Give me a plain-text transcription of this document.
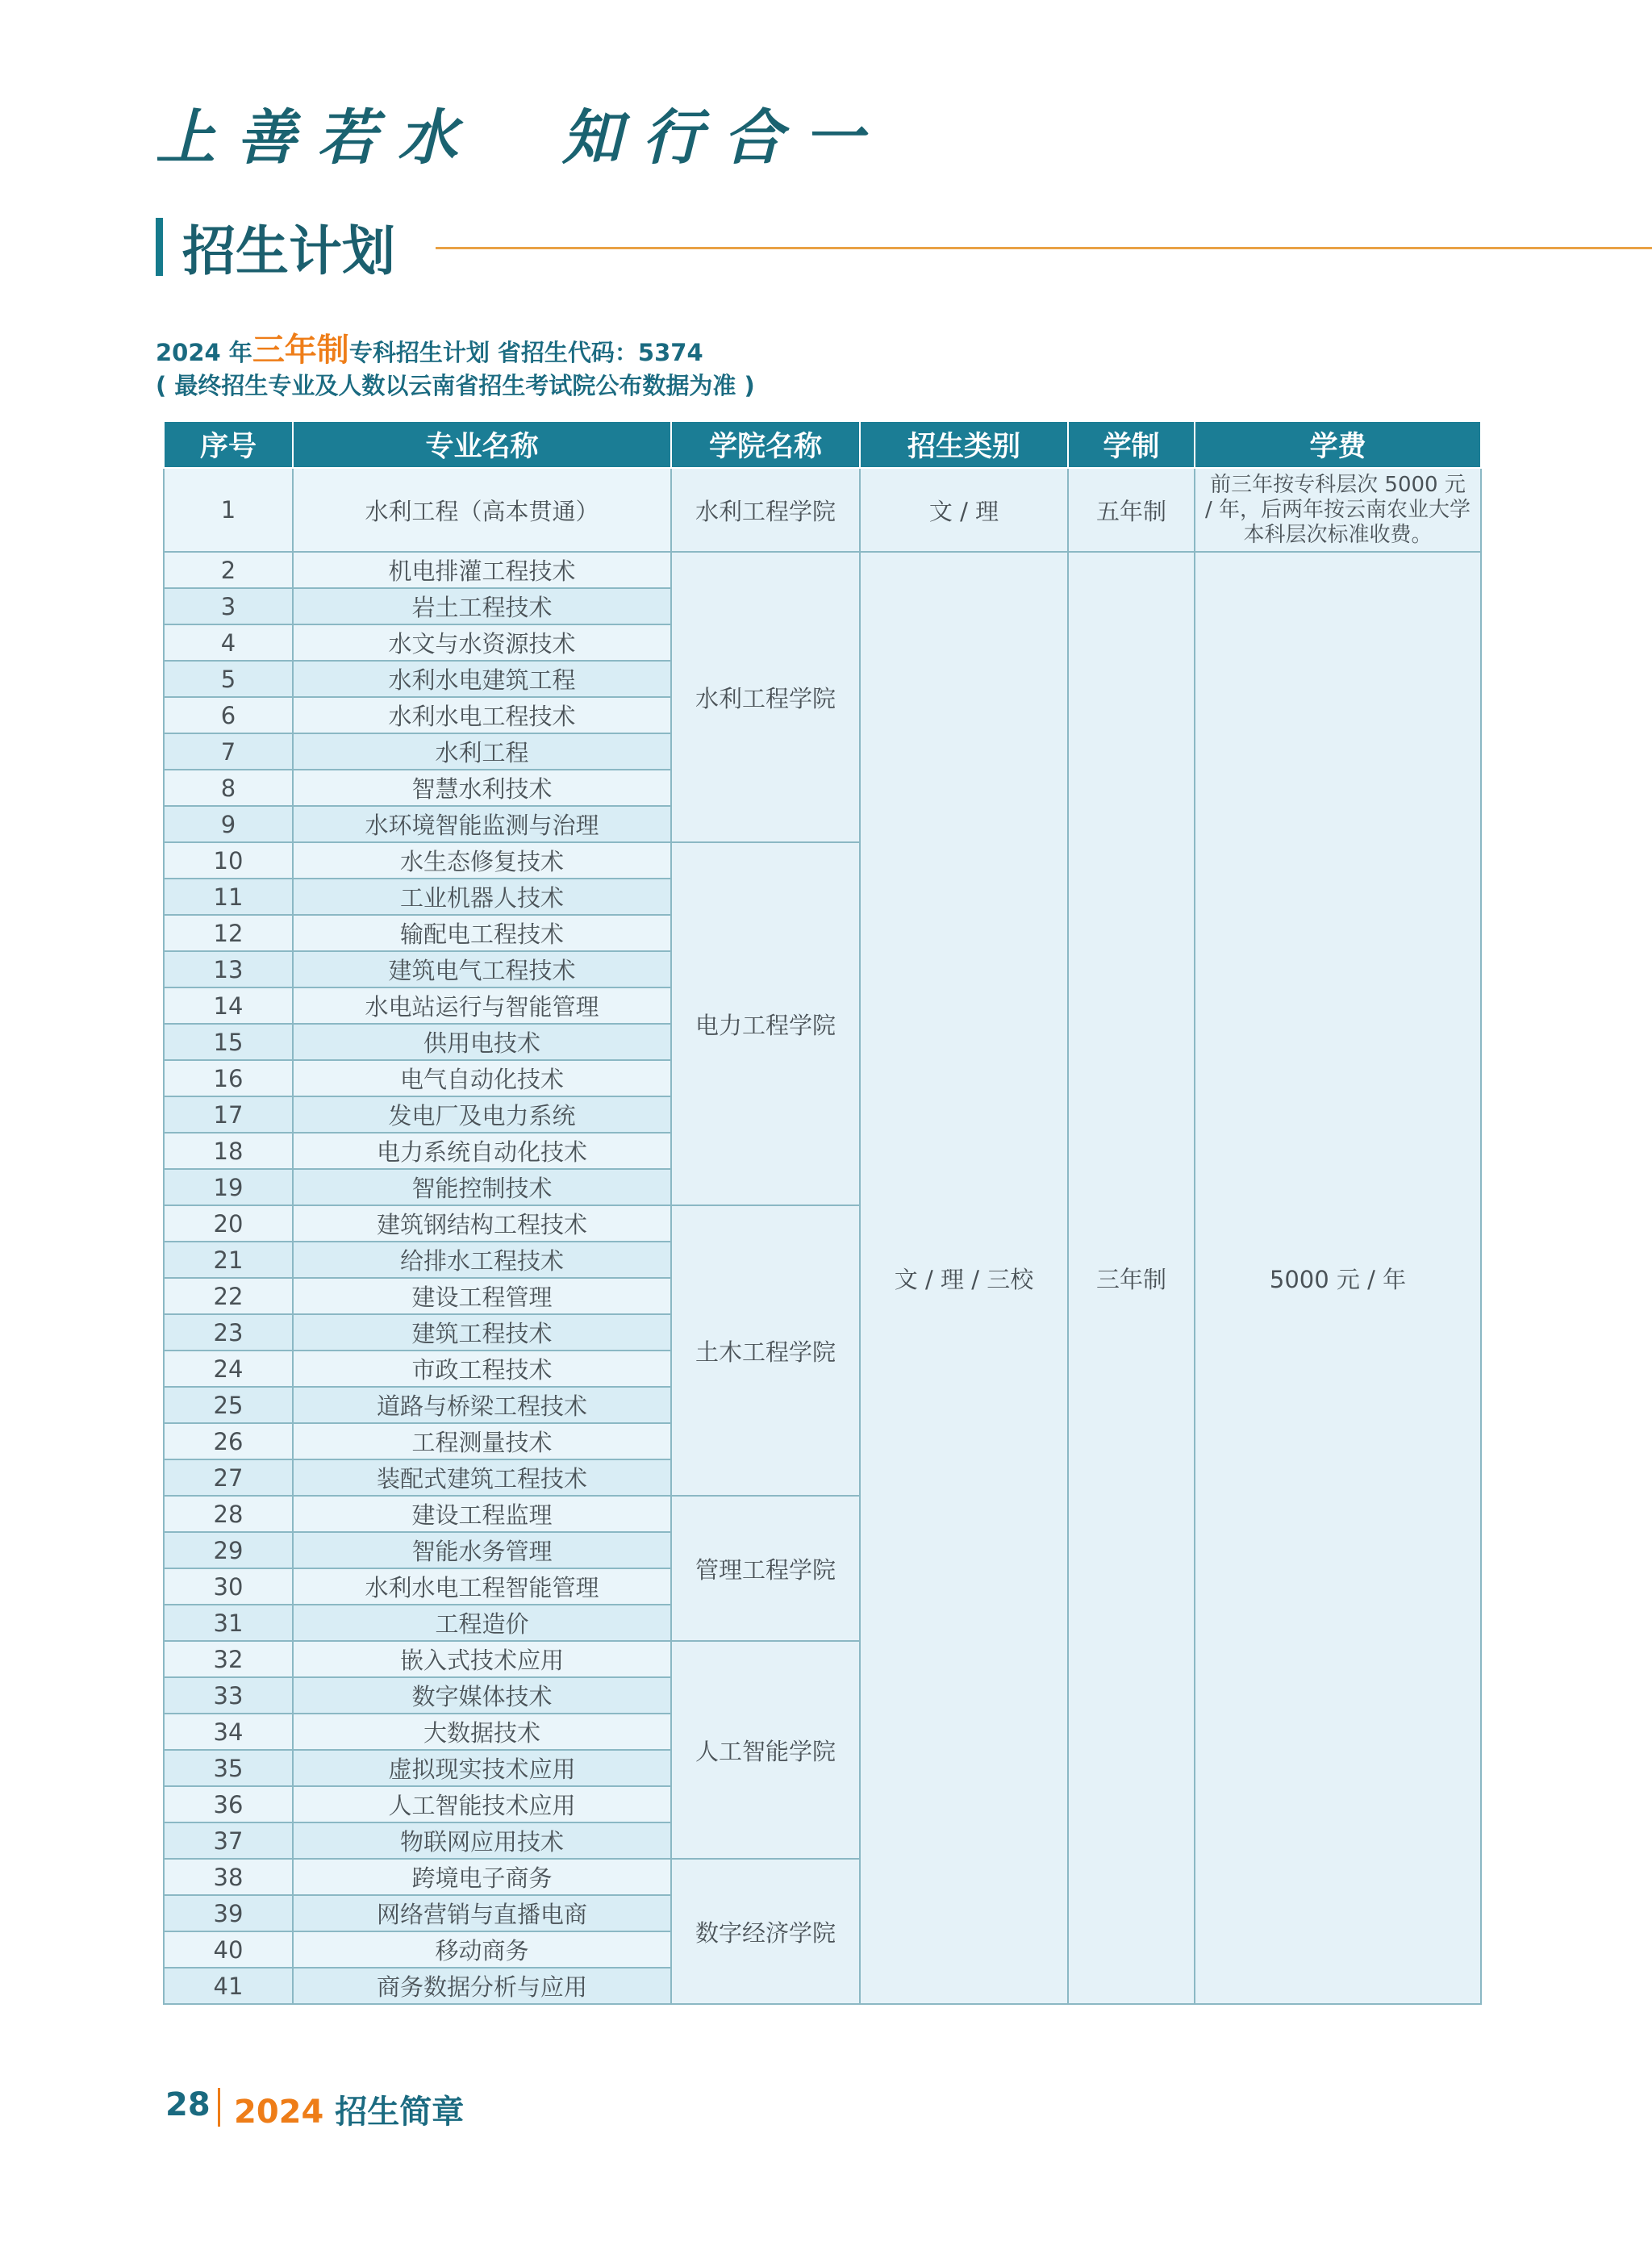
上善若水  知行合一
招生计划
2024 年三年制专科招生计划 省招生代码：5374
( 最终招生专业及人数以云南省招生考试院公布数据为准 )
序号	专业名称	学院名称	招生类别	学制	学费
1	水利工程（高本贯通）	水利工程学院	文 / 理	五年制	前三年按专科层次 5000 元 / 年，后两年按云南农业大学本科层次标准收费。
2	机电排灌工程技术	水利工程学院	文 / 理 / 三校	三年制	5000 元 / 年
3	岩土工程技术				
4	水文与水资源技术				
5	水利水电建筑工程				
6	水利水电工程技术				
7	水利工程				
8	智慧水利技术				
9	水环境智能监测与治理				
10	水生态修复技术	电力工程学院			
11	工业机器人技术				
12	输配电工程技术				
13	建筑电气工程技术				
14	水电站运行与智能管理				
15	供用电技术				
16	电气自动化技术				
17	发电厂及电力系统				
18	电力系统自动化技术				
19	智能控制技术				
20	建筑钢结构工程技术	土木工程学院			
21	给排水工程技术				
22	建设工程管理				
23	建筑工程技术				
24	市政工程技术				
25	道路与桥梁工程技术				
26	工程测量技术				
27	装配式建筑工程技术				
28	建设工程监理	管理工程学院			
29	智能水务管理				
30	水利水电工程智能管理				
31	工程造价				
32	嵌入式技术应用	人工智能学院			
33	数字媒体技术				
34	大数据技术				
35	虚拟现实技术应用				
36	人工智能技术应用				
37	物联网应用技术				
38	跨境电子商务	数字经济学院			
39	网络营销与直播电商				
40	移动商务				
41	商务数据分析与应用				
28 2024 招生简章
